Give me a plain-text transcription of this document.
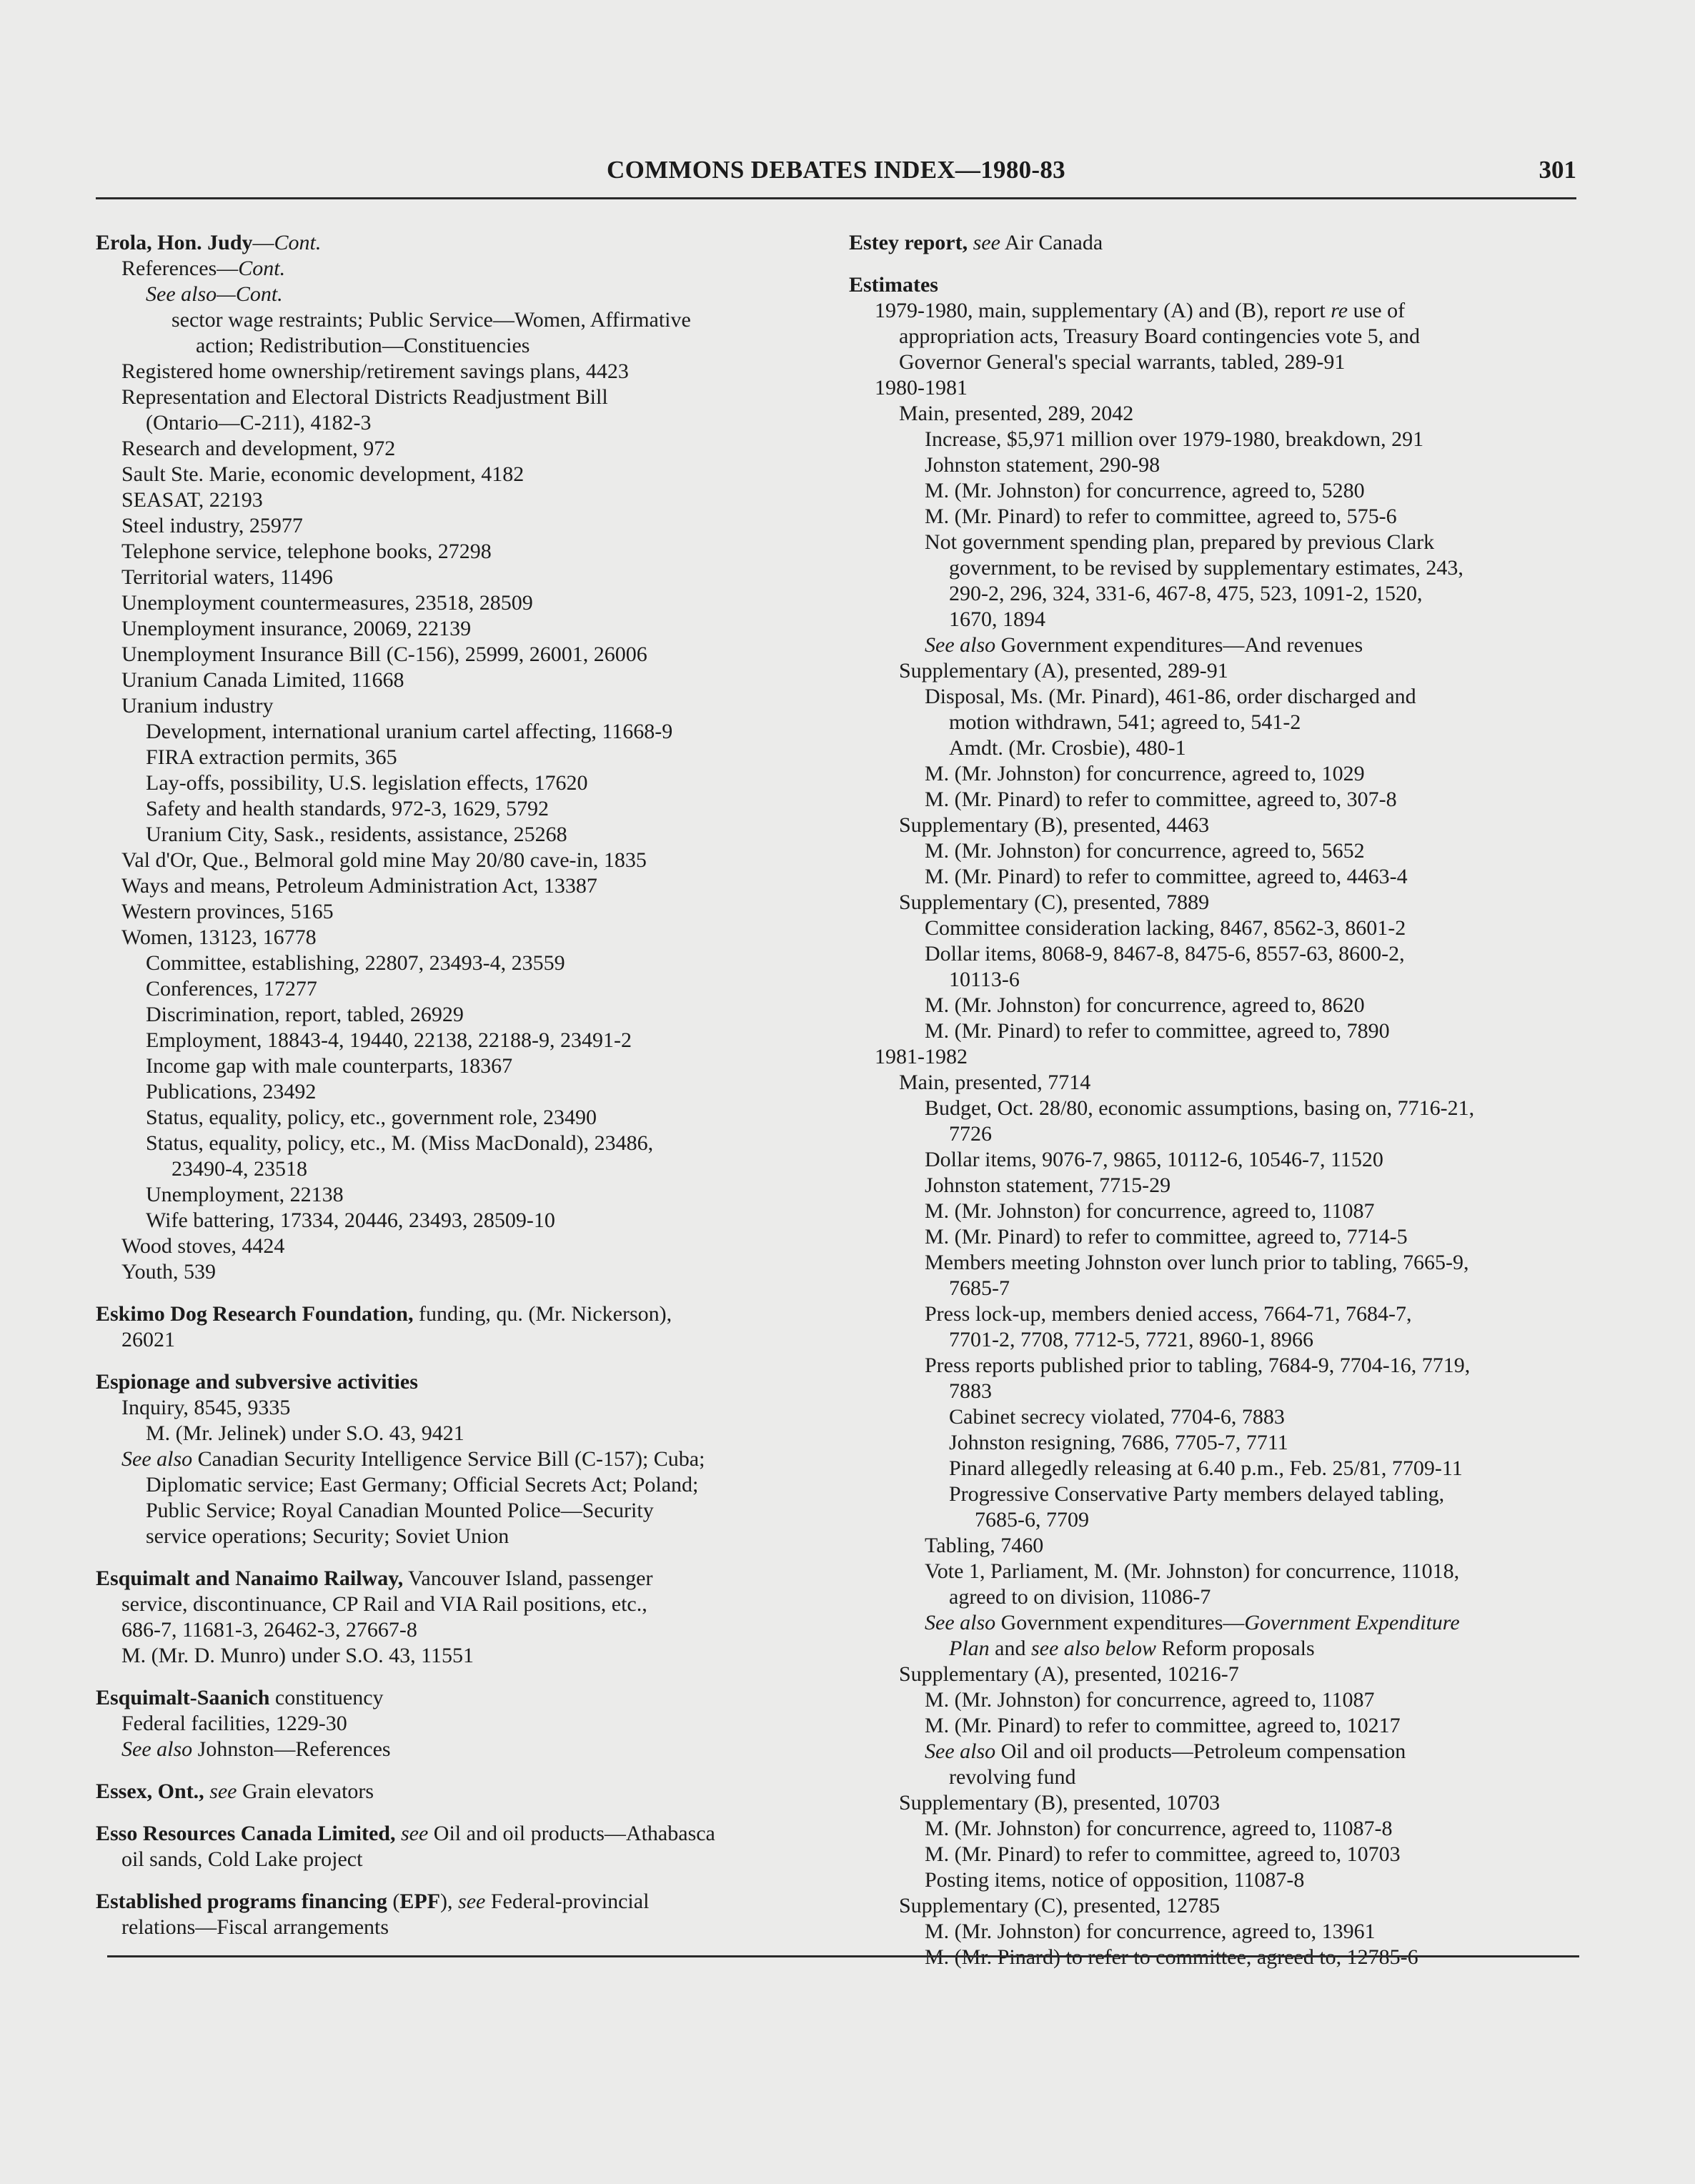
COMMONS DEBATES INDEX—1980-83	301
Erola, Hon. Judy—Cont.
References—Cont.
See also—Cont.
sector wage restraints; Public Service—Women, Affirmative
action; Redistribution—Constituencies
Registered home ownership/retirement savings plans, 4423
Representation and Electoral Districts Readjustment Bill
(Ontario—C-211), 4182-3
Research and development, 972
Sault Ste. Marie, economic development, 4182
SEASAT, 22193
Steel industry, 25977
Telephone service, telephone books, 27298
Territorial waters, 11496
Unemployment countermeasures, 23518, 28509
Unemployment insurance, 20069, 22139
Unemployment Insurance Bill (C-156), 25999, 26001, 26006
Uranium Canada Limited, 11668
Uranium industry
Development, international uranium cartel affecting, 11668-9
FIRA extraction permits, 365
Lay-offs, possibility, U.S. legislation effects, 17620
Safety and health standards, 972-3, 1629, 5792
Uranium City, Sask., residents, assistance, 25268
Val d'Or, Que., Belmoral gold mine May 20/80 cave-in, 1835
Ways and means, Petroleum Administration Act, 13387
Western provinces, 5165
Women, 13123, 16778
Committee, establishing, 22807, 23493-4, 23559
Conferences, 17277
Discrimination, report, tabled, 26929
Employment, 18843-4, 19440, 22138, 22188-9, 23491-2
Income gap with male counterparts, 18367
Publications, 23492
Status, equality, policy, etc., government role, 23490
Status, equality, policy, etc., M. (Miss MacDonald), 23486,
23490-4, 23518
Unemployment, 22138
Wife battering, 17334, 20446, 23493, 28509-10
Wood stoves, 4424
Youth, 539
Eskimo Dog Research Foundation, funding, qu. (Mr. Nickerson),
26021
Espionage and subversive activities
Inquiry, 8545, 9335
M. (Mr. Jelinek) under S.O. 43, 9421
See also Canadian Security Intelligence Service Bill (C-157); Cuba;
Diplomatic service; East Germany; Official Secrets Act; Poland;
Public Service; Royal Canadian Mounted Police—Security
service operations; Security; Soviet Union
Esquimalt and Nanaimo Railway, Vancouver Island, passenger
service, discontinuance, CP Rail and VIA Rail positions, etc.,
686-7, 11681-3, 26462-3, 27667-8
M. (Mr. D. Munro) under S.O. 43, 11551
Esquimalt-Saanich constituency
Federal facilities, 1229-30
See also Johnston—References
Essex, Ont., see Grain elevators
Esso Resources Canada Limited, see Oil and oil products—Athabasca
oil sands, Cold Lake project
Established programs financing (EPF), see Federal-provincial
relations—Fiscal arrangements
Estey report, see Air Canada
Estimates
1979-1980, main, supplementary (A) and (B), report re use of
appropriation acts, Treasury Board contingencies vote 5, and
Governor General's special warrants, tabled, 289-91
1980-1981
Main, presented, 289, 2042
Increase, $5,971 million over 1979-1980, breakdown, 291
Johnston statement, 290-98
M. (Mr. Johnston) for concurrence, agreed to, 5280
M. (Mr. Pinard) to refer to committee, agreed to, 575-6
Not government spending plan, prepared by previous Clark
government, to be revised by supplementary estimates, 243,
290-2, 296, 324, 331-6, 467-8, 475, 523, 1091-2, 1520,
1670, 1894
See also Government expenditures—And revenues
Supplementary (A), presented, 289-91
Disposal, Ms. (Mr. Pinard), 461-86, order discharged and
motion withdrawn, 541; agreed to, 541-2
Amdt. (Mr. Crosbie), 480-1
M. (Mr. Johnston) for concurrence, agreed to, 1029
M. (Mr. Pinard) to refer to committee, agreed to, 307-8
Supplementary (B), presented, 4463
M. (Mr. Johnston) for concurrence, agreed to, 5652
M. (Mr. Pinard) to refer to committee, agreed to, 4463-4
Supplementary (C), presented, 7889
Committee consideration lacking, 8467, 8562-3, 8601-2
Dollar items, 8068-9, 8467-8, 8475-6, 8557-63, 8600-2,
10113-6
M. (Mr. Johnston) for concurrence, agreed to, 8620
M. (Mr. Pinard) to refer to committee, agreed to, 7890
1981-1982
Main, presented, 7714
Budget, Oct. 28/80, economic assumptions, basing on, 7716-21,
7726
Dollar items, 9076-7, 9865, 10112-6, 10546-7, 11520
Johnston statement, 7715-29
M. (Mr. Johnston) for concurrence, agreed to, 11087
M. (Mr. Pinard) to refer to committee, agreed to, 7714-5
Members meeting Johnston over lunch prior to tabling, 7665-9,
7685-7
Press lock-up, members denied access, 7664-71, 7684-7,
7701-2, 7708, 7712-5, 7721, 8960-1, 8966
Press reports published prior to tabling, 7684-9, 7704-16, 7719,
7883
Cabinet secrecy violated, 7704-6, 7883
Johnston resigning, 7686, 7705-7, 7711
Pinard allegedly releasing at 6.40 p.m., Feb. 25/81, 7709-11
Progressive Conservative Party members delayed tabling,
7685-6, 7709
Tabling, 7460
Vote 1, Parliament, M. (Mr. Johnston) for concurrence, 11018,
agreed to on division, 11086-7
See also Government expenditures—Government Expenditure
Plan and see also below Reform proposals
Supplementary (A), presented, 10216-7
M. (Mr. Johnston) for concurrence, agreed to, 11087
M. (Mr. Pinard) to refer to committee, agreed to, 10217
See also Oil and oil products—Petroleum compensation
revolving fund
Supplementary (B), presented, 10703
M. (Mr. Johnston) for concurrence, agreed to, 11087-8
M. (Mr. Pinard) to refer to committee, agreed to, 10703
Posting items, notice of opposition, 11087-8
Supplementary (C), presented, 12785
M. (Mr. Johnston) for concurrence, agreed to, 13961
M. (Mr. Pinard) to refer to committee, agreed to, 12785-6
